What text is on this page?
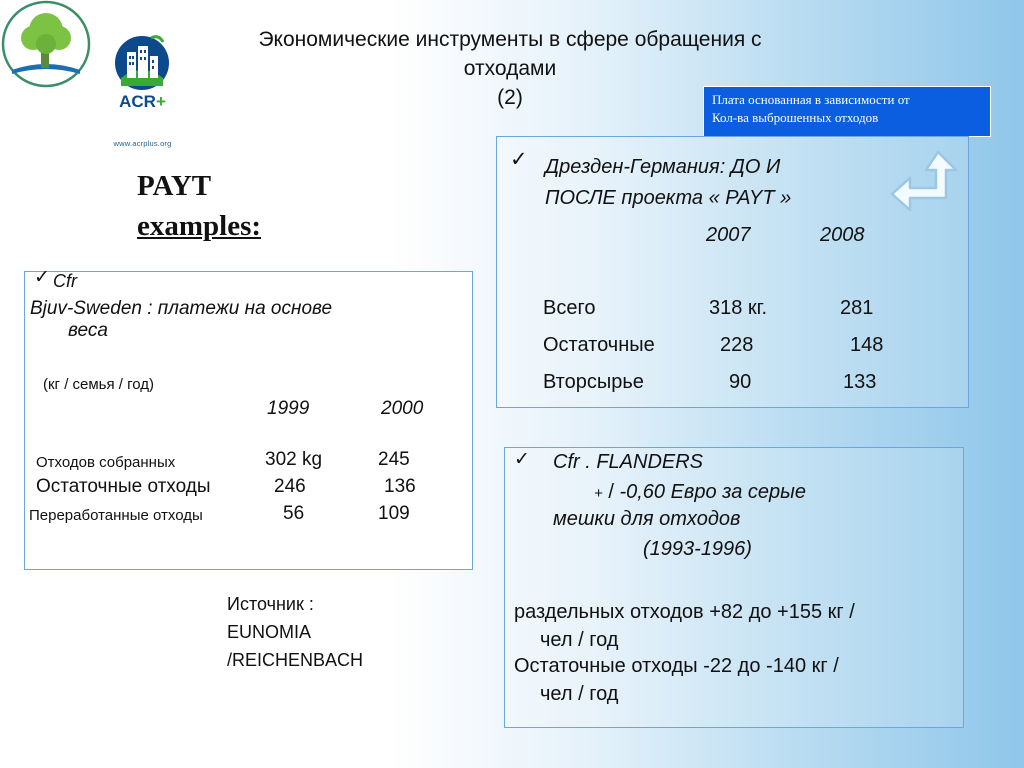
ACR+
www.acrplus.org
Экономические инструменты в сфере обращения с
отходами
(2)	Плата основанная в зависимости от
Кол-ва выброшенных отходов
PAYT
examples:
✓ Дрезден-Германия: ДО И
ПОСЛЕ проекта « PAYT »
2007	2008
Всего	318 кг.	281
Остаточные	228	148
Вторсырье	90	133
✓ Cfr
Bjuv-Sweden : платежи на основе
веса
(кг / семья / год)
1999	2000
Отходов собранных	302 kg	245
Остаточные отходы	246	136
Переработанные отходы	56	109
Источник :
EUNOMIA
/REICHENBACH
✓ Cfr . FLANDERS
+ / -0,60 Евро за серые
мешки для отходов
(1993-1996)
раздельных отходов +82 до +155 кг /
чел / год
Остаточные отходы -22 до -140 кг /
чел / год
